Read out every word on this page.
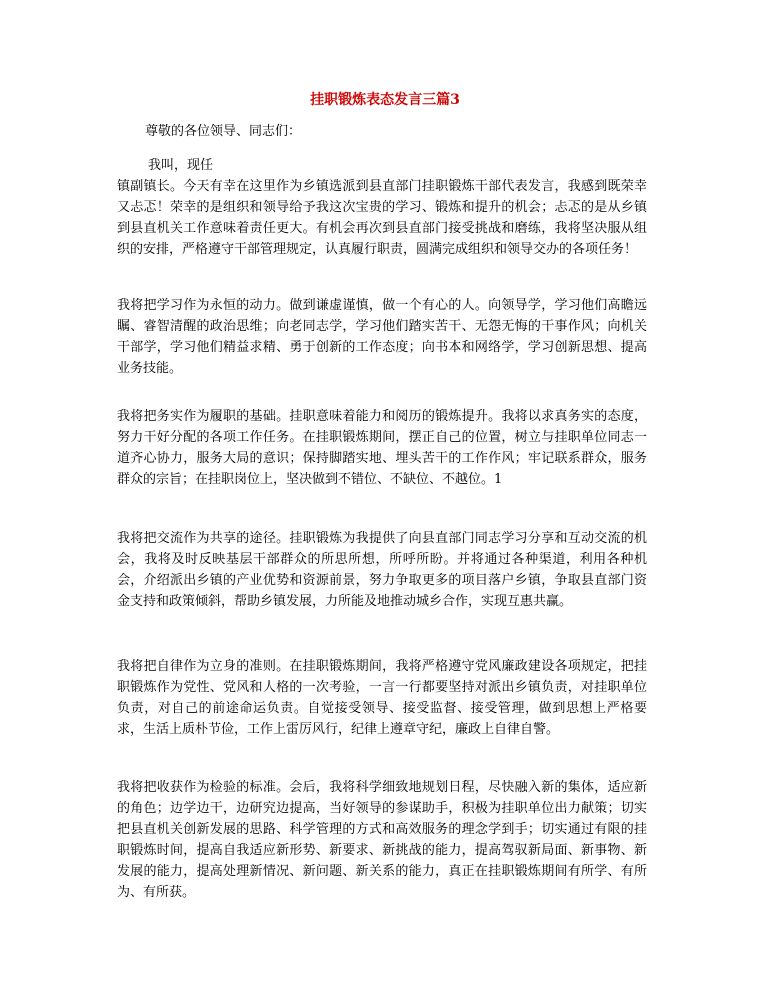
挂职锻炼表态发言三篇3
尊敬的各位领导、同志们：
我叫，现任
镇副镇长。今天有幸在这里作为乡镇选派到县直部门挂职锻炼干部代表发言，我感到既荣幸又忐忑！荣幸的是组织和领导给予我这次宝贵的学习、锻炼和提升的机会；忐忑的是从乡镇到县直机关工作意味着责任更大。有机会再次到县直部门接受挑战和磨练，我将坚决服从组织的安排，严格遵守干部管理规定，认真履行职责，圆满完成组织和领导交办的各项任务！
我将把学习作为永恒的动力。做到谦虚谨慎，做一个有心的人。向领导学，学习他们高瞻远瞩、睿智清醒的政治思维；向老同志学，学习他们踏实苦干、无怨无悔的干事作风；向机关干部学，学习他们精益求精、勇于创新的工作态度；向书本和网络学，学习创新思想、提高业务技能。
我将把务实作为履职的基础。挂职意味着能力和阅历的锻炼提升。我将以求真务实的态度，努力干好分配的各项工作任务。在挂职锻炼期间，摆正自己的位置，树立与挂职单位同志一道齐心协力，服务大局的意识；保持脚踏实地、埋头苦干的工作作风；牢记联系群众，服务群众的宗旨；在挂职岗位上，坚决做到不错位、不缺位、不越位。1
我将把交流作为共享的途径。挂职锻炼为我提供了向县直部门同志学习分享和互动交流的机会，我将及时反映基层干部群众的所思所想，所呼所盼。并将通过各种渠道，利用各种机会，介绍派出乡镇的产业优势和资源前景，努力争取更多的项目落户乡镇，争取县直部门资金支持和政策倾斜，帮助乡镇发展，力所能及地推动城乡合作，实现互惠共赢。
我将把自律作为立身的准则。在挂职锻炼期间，我将严格遵守党风廉政建设各项规定，把挂职锻炼作为党性、党风和人格的一次考验，一言一行都要坚持对派出乡镇负责，对挂职单位负责，对自己的前途命运负责。自觉接受领导、接受监督、接受管理，做到思想上严格要求，生活上质朴节俭，工作上雷厉风行，纪律上遵章守纪，廉政上自律自警。
我将把收获作为检验的标准。会后，我将科学细致地规划日程，尽快融入新的集体，适应新的角色；边学边干，边研究边提高，当好领导的参谋助手，积极为挂职单位出力献策；切实把县直机关创新发展的思路、科学管理的方式和高效服务的理念学到手；切实通过有限的挂职锻炼时间，提高自我适应新形势、新要求、新挑战的能力，提高驾驭新局面、新事物、新发展的能力，提高处理新情况、新问题、新关系的能力，真正在挂职锻炼期间有所学、有所为、有所获。
